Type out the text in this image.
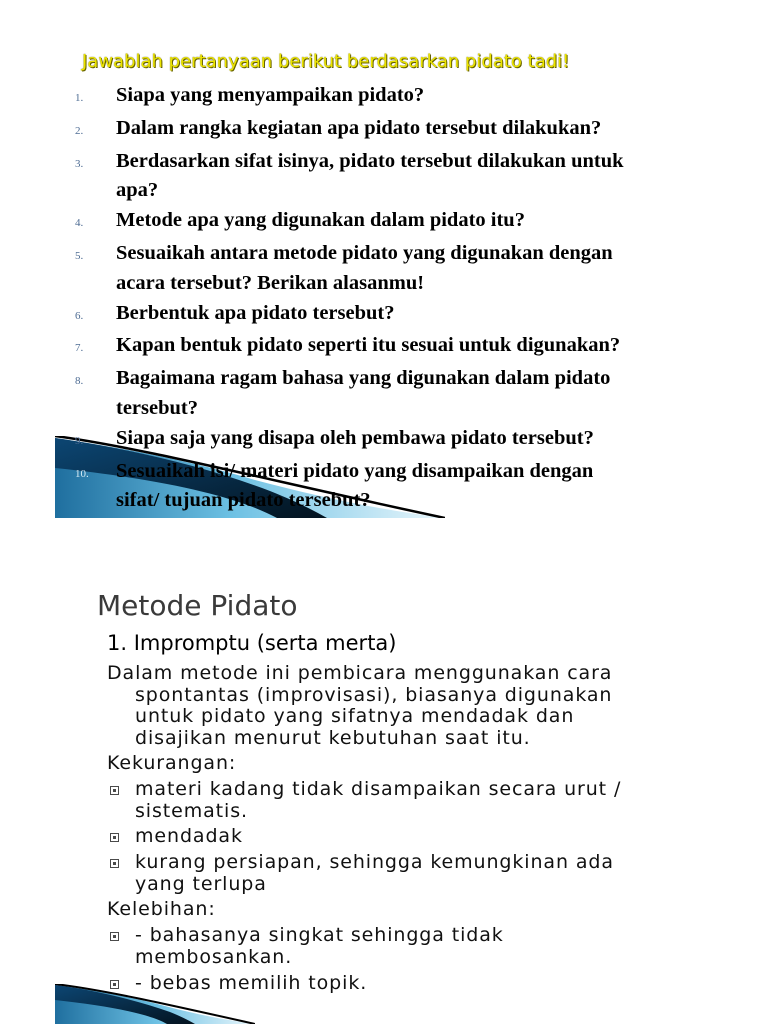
Jawablah pertanyaan berikut berdasarkan pidato tadi!
1.	Siapa yang menyampaikan pidato?
2.	Dalam rangka kegiatan apa pidato tersebut dilakukan?
3.	Berdasarkan sifat isinya, pidato tersebut dilakukan untuk
apa?
4.	Metode apa yang digunakan dalam pidato itu?
5.	Sesuaikah antara metode pidato yang digunakan dengan
acara tersebut? Berikan alasanmu!
6.	Berbentuk apa pidato tersebut?
7.	Kapan bentuk pidato seperti itu sesuai untuk digunakan?
8.	Bagaimana ragam bahasa yang digunakan dalam pidato
tersebut?
9.	Siapa saja yang disapa oleh pembawa pidato tersebut?
10.	Sesuaikah isi/ materi pidato yang disampaikan dengan
sifat/ tujuan pidato tersebut?
Metode Pidato
1. Impromptu (serta merta)
Dalam metode ini pembicara menggunakan cara
spontantas (improvisasi), biasanya digunakan
untuk pidato yang sifatnya mendadak dan
disajikan menurut kebutuhan saat itu.
Kekurangan:
materi kadang tidak disampaikan secara urut /
sistematis.
mendadak
kurang persiapan, sehingga kemungkinan ada
yang terlupa
Kelebihan:
- bahasanya singkat sehingga tidak
membosankan.
- bebas memilih topik.
